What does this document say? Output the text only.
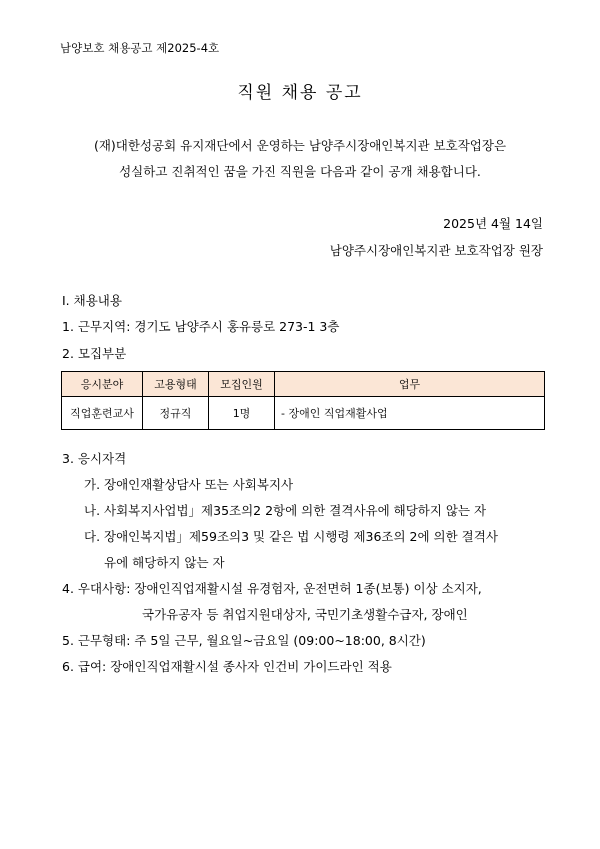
남양보호 채용공고 제2025-4호
직원 채용 공고
(재)대한성공회 유지재단에서 운영하는 남양주시장애인복지관 보호작업장은
성실하고 진취적인 꿈을 가진 직원을 다음과 같이 공개 채용합니다.
2025년 4월 14일
남양주시장애인복지관 보호작업장 원장
Ⅰ. 채용내용
1. 근무지역: 경기도 남양주시 홍유릉로 273-1 3층
2. 모집부분
응시분야	고용형태	모집인원	업무
직업훈련교사	정규직	1명	- 장애인 직업재활사업
3. 응시자격
가. 장애인재활상담사 또는 사회복지사
나. 사회복지사업법」제35조의2 2항에 의한 결격사유에 해당하지 않는 자
다. 장애인복지법」제59조의3 및 같은 법 시행령 제36조의 2에 의한 결격사
유에 해당하지 않는 자
4. 우대사항: 장애인직업재활시설 유경험자, 운전면허 1종(보통) 이상 소지자,
국가유공자 등 취업지원대상자, 국민기초생활수급자, 장애인
5. 근무형태: 주 5일 근무, 월요일~금요일 (09:00~18:00, 8시간)
6. 급여: 장애인직업재활시설 종사자 인건비 가이드라인 적용
